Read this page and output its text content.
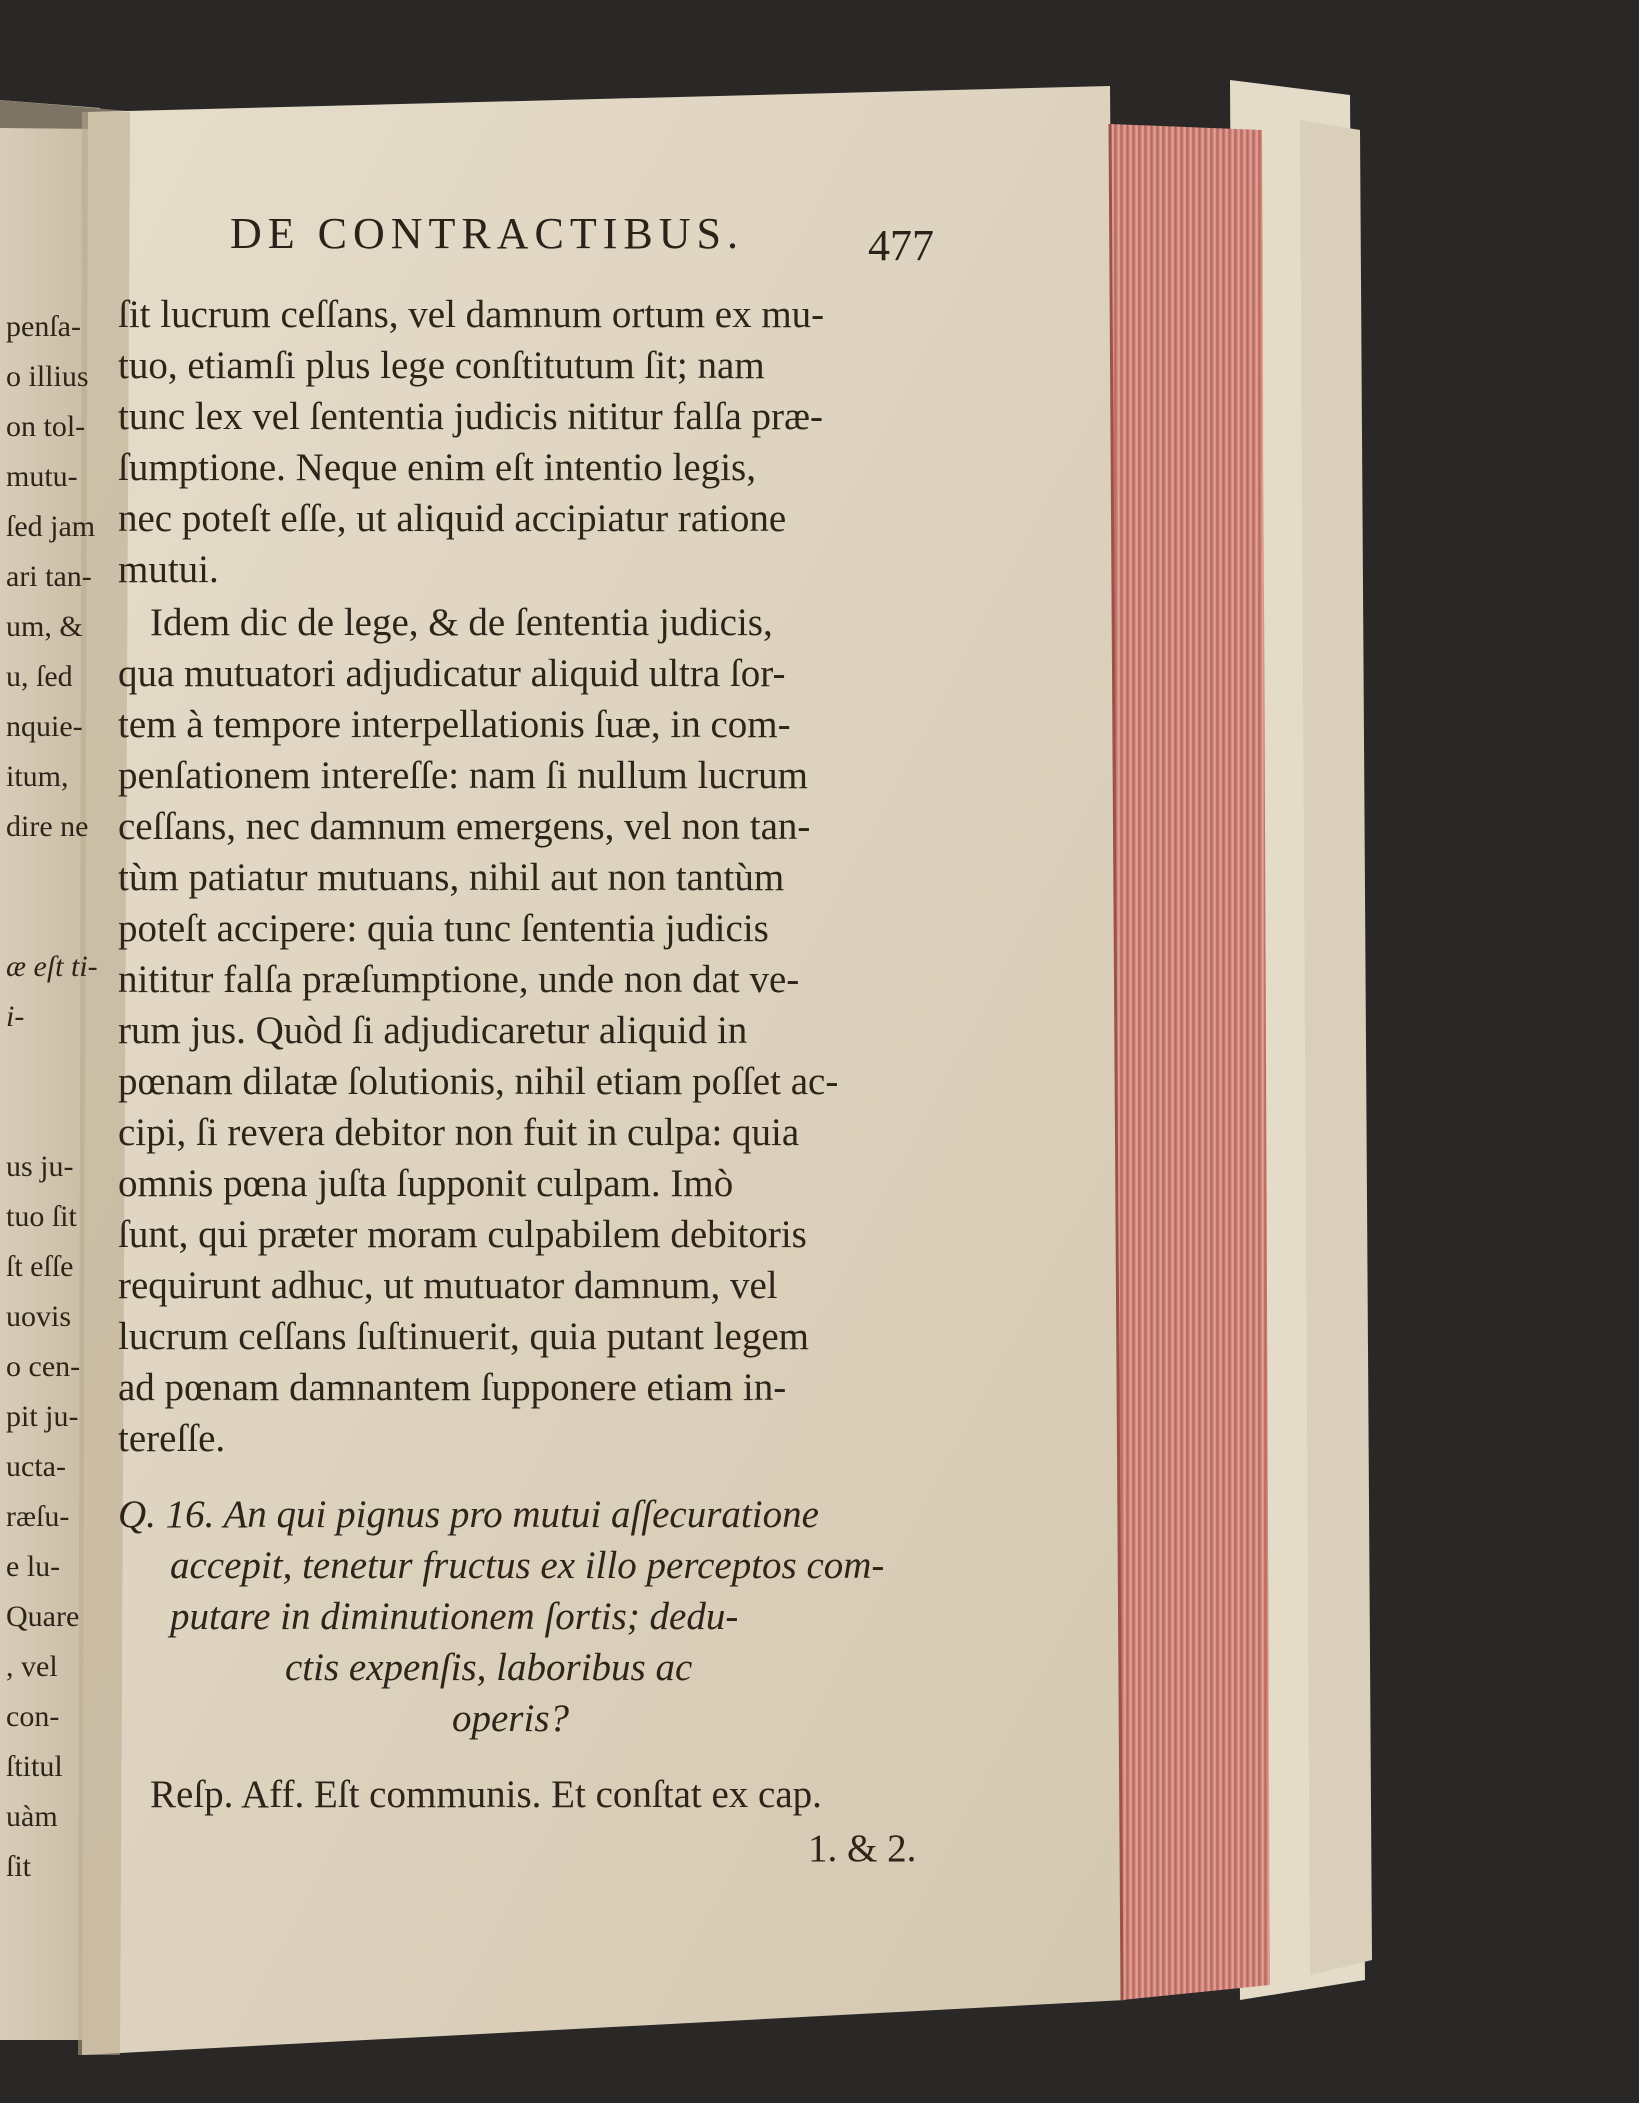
DE CONTRACTIBUS.	477
ſit lucrum ceſſans, vel damnum ortum ex mu-
tuo, etiamſi plus lege conſtitutum ſit; nam
tunc lex vel ſententia judicis nititur falſa præ-
ſumptione. Neque enim eſt intentio legis,
nec poteſt eſſe, ut aliquid accipiatur ratione
mutui.
Idem dic de lege, & de ſententia judicis,
qua mutuatori adjudicatur aliquid ultra ſor-
tem à tempore interpellationis ſuæ, in com-
penſationem intereſſe: nam ſi nullum lucrum
ceſſans, nec damnum emergens, vel non tan-
tùm patiatur mutuans, nihil aut non tantùm
poteſt accipere: quia tunc ſententia judicis
nititur falſa præſumptione, unde non dat ve-
rum jus. Quòd ſi adjudicaretur aliquid in
pœnam dilatæ ſolutionis, nihil etiam poſſet ac-
cipi, ſi revera debitor non fuit in culpa: quia
omnis pœna juſta ſupponit culpam. Imò
ſunt, qui præter moram culpabilem debitoris
requirunt adhuc, ut mutuator damnum, vel
lucrum ceſſans ſuſtinuerit, quia putant legem
ad pœnam damnantem ſupponere etiam in-
tereſſe.
Q. 16. An qui pignus pro mutui aſſecuratione
accepit, tenetur fructus ex illo perceptos com-
putare in diminutionem ſortis; dedu-
ctis expenſis, laboribus ac
operis?
Reſp. Aff. Eſt communis. Et conſtat ex cap.
1. & 2.
penſa-
o illius
on tol-
mutu-
ſed jam
ari tan-
um, &
u, ſed
nquie-
itum,
dire ne
æ eſt ti-
i-
us ju-
tuo ſit
ſt eſſe
uovis
o cen-
pit ju-
ucta-
ræſu-
e lu-
Quare
, vel
con-
ſtitul
uàm
ſit
